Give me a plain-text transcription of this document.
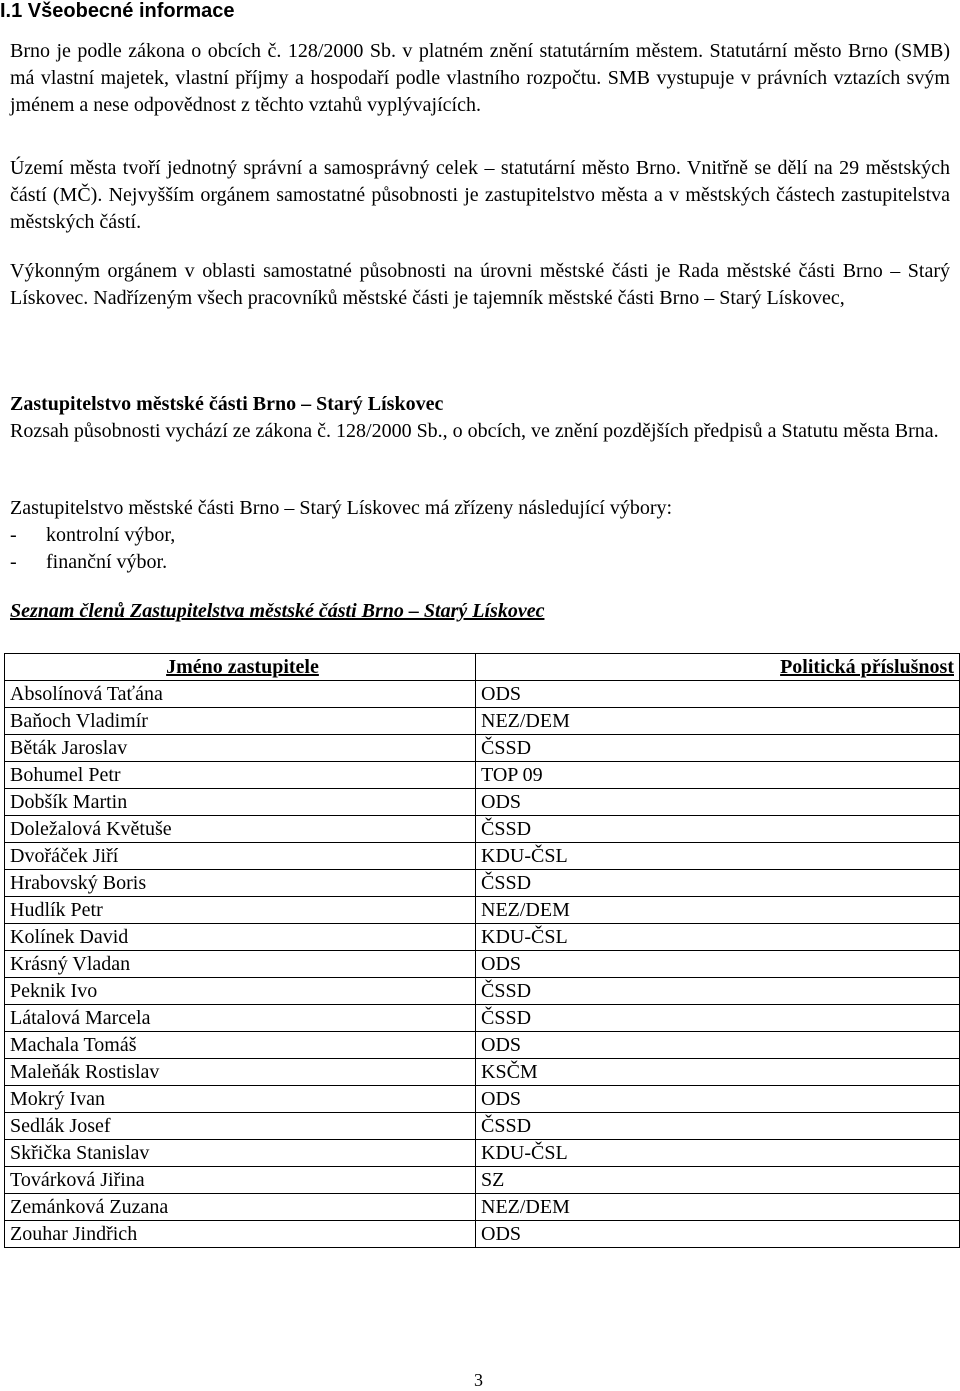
I.1 Všeobecné informace
Brno je podle zákona o obcích č. 128/2000 Sb. v platném znění statutárním městem. Statutární město Brno (SMB) má vlastní majetek, vlastní příjmy a hospodaří podle vlastního rozpočtu. SMB vystupuje v právních vztazích svým jménem a nese odpovědnost z těchto vztahů vyplývajících.
Území města tvoří jednotný správní a samosprávný celek – statutární město Brno. Vnitřně se dělí na 29 městských částí (MČ). Nejvyšším orgánem samostatné působnosti je zastupitelstvo města a v městských částech zastupitelstva městských částí.
Výkonným orgánem v oblasti samostatné působnosti na úrovni městské části je Rada městské části Brno – Starý Lískovec. Nadřízeným všech pracovníků městské části je tajemník městské části Brno – Starý Lískovec,
Zastupitelstvo městské části Brno – Starý Lískovec
Rozsah působnosti vychází ze zákona č. 128/2000 Sb., o obcích, ve znění pozdějších předpisů a Statutu města Brna.
Zastupitelstvo městské části Brno – Starý Lískovec má zřízeny následující výbory:
- kontrolní výbor,
- finanční výbor.
Seznam členů Zastupitelstva městské části Brno – Starý Lískovec
Jméno zastupitele	Politická příslušnost
Absolínová Taťána	ODS
Baňoch Vladimír	NEZ/DEM
Běták Jaroslav	ČSSD
Bohumel Petr	TOP 09
Dobšík Martin	ODS
Doležalová Květuše	ČSSD
Dvořáček Jiří	KDU-ČSL
Hrabovský Boris	ČSSD
Hudlík Petr	NEZ/DEM
Kolínek David	KDU-ČSL
Krásný Vladan	ODS
Peknik Ivo	ČSSD
Látalová Marcela	ČSSD
Machala Tomáš	ODS
Maleňák Rostislav	KSČM
Mokrý Ivan	ODS
Sedlák Josef	ČSSD
Skřička Stanislav	KDU-ČSL
Továrková Jiřina	SZ
Zemánková Zuzana	NEZ/DEM
Zouhar Jindřich	ODS
3
